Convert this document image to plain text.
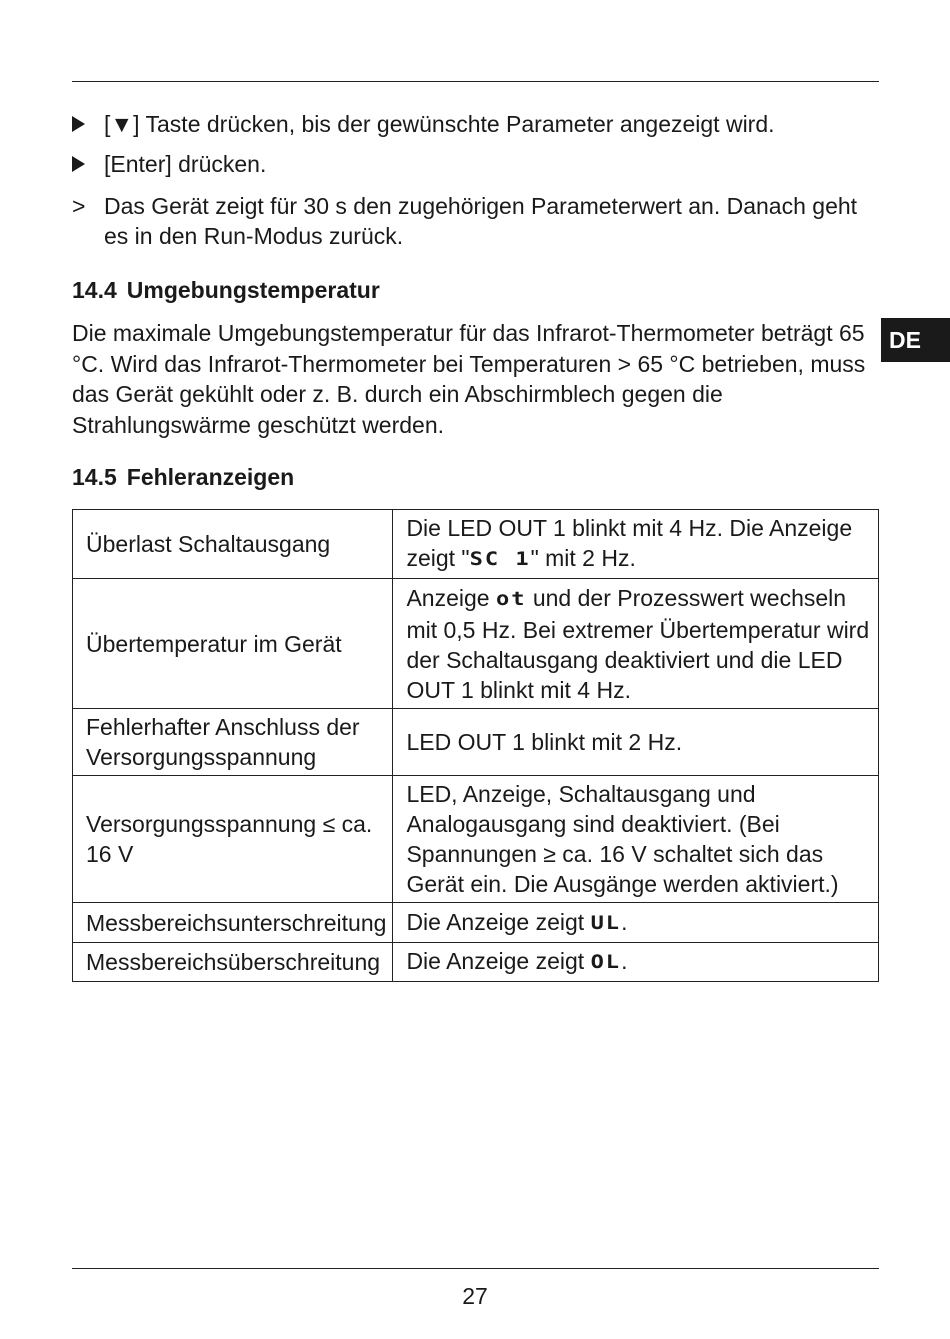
[▼] Taste drücken, bis der gewünschte Parameter angezeigt wird.
[Enter] drücken.
> Das Gerät zeigt für 30 s den zugehörigen Parameterwert an. Danach geht es in den Run-Modus zurück.
14.4 Umgebungstemperatur
Die maximale Umgebungstemperatur für das Infrarot-Thermometer beträgt 65 °C. Wird das Infrarot-Thermometer bei Temperaturen > 65 °C betrieben, muss das Gerät gekühlt oder z. B. durch ein Abschirmblech gegen die Strahlungswärme geschützt werden.
DE
14.5 Fehleranzeigen
Überlast Schaltausgang	Die LED OUT 1 blinkt mit 4 Hz. Die Anzeige zeigt "SC 1" mit 2 Hz.
Übertemperatur im Gerät	Anzeige ot und der Prozesswert wechseln mit 0,5 Hz. Bei extremer Übertemperatur wird der Schaltausgang deaktiviert und die LED OUT 1 blinkt mit 4 Hz.
Fehlerhafter Anschluss der Versorgungsspannung	LED OUT 1 blinkt mit 2 Hz.
Versorgungsspannung ≤ ca. 16 V	LED, Anzeige, Schaltausgang und Analogausgang sind deaktiviert. (Bei Spannungen ≥ ca. 16 V schaltet sich das Gerät ein. Die Ausgänge werden aktiviert.)
Messbereichsunterschreitung	Die Anzeige zeigt UL.
Messbereichsüberschreitung	Die Anzeige zeigt OL.
27
